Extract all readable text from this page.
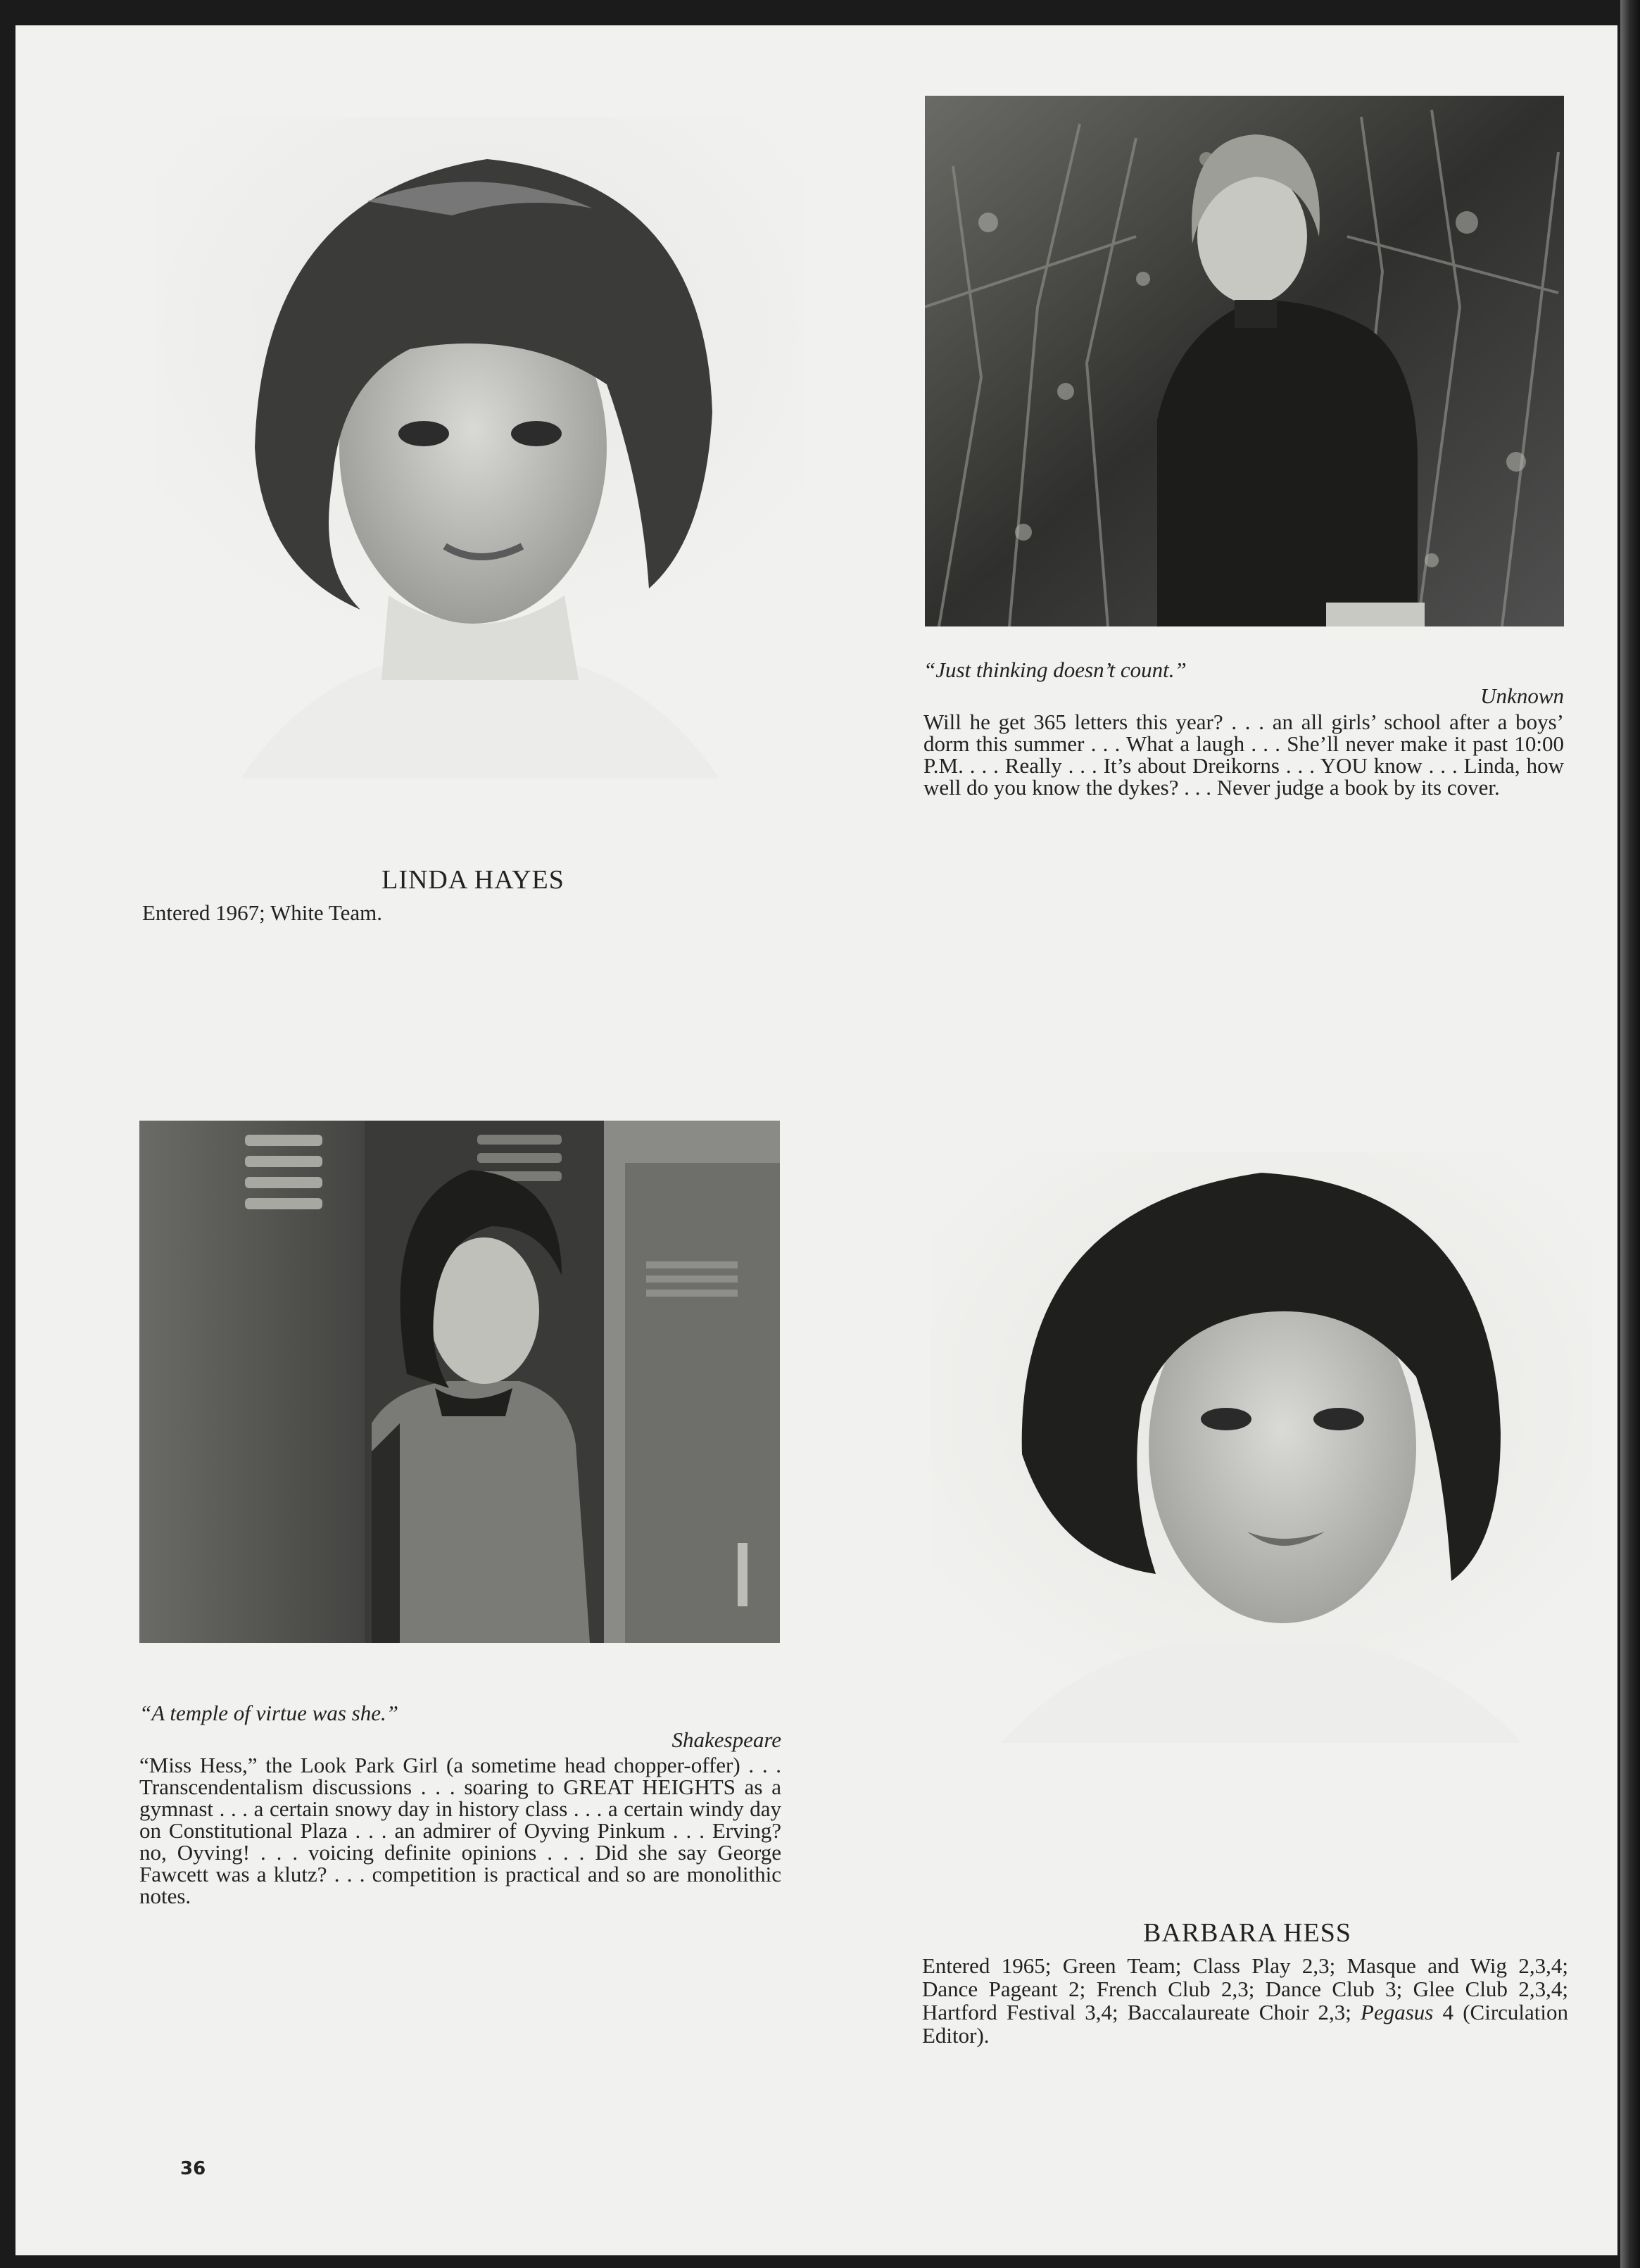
“Just thinking doesn’t count.”
Unknown
Will he get 365 letters this year? . . . an all girls’ school after a boys’ dorm this summer . . . What a laugh . . . She’ll never make it past 10:00 P.M. . . . Really . . . It’s about Dreikorns . . . YOU know . . . Linda, how well do you know the dykes? . . . Never judge a book by its cover.
LINDA HAYES
Entered 1967; White Team.
“A temple of virtue was she.”
Shakespeare
“Miss Hess,” the Look Park Girl (a sometime head chopper-offer) . . . Transcendentalism discussions . . . soaring to GREAT HEIGHTS as a gymnast . . . a certain snowy day in history class . . . a certain windy day on Constitutional Plaza . . . an admirer of Oyving Pinkum . . . Erving? no, Oyving! . . . voicing definite opinions . . . Did she say George Fawcett was a klutz? . . . competition is practical and so are monolithic notes.
BARBARA HESS
Entered 1965; Green Team; Class Play 2,3; Masque and Wig 2,3,4; Dance Pageant 2; French Club 2,3; Dance Club 3; Glee Club 2,3,4; Hartford Festival 3,4; Baccalaureate Choir 2,3; Pegasus 4 (Circulation Editor).
36
